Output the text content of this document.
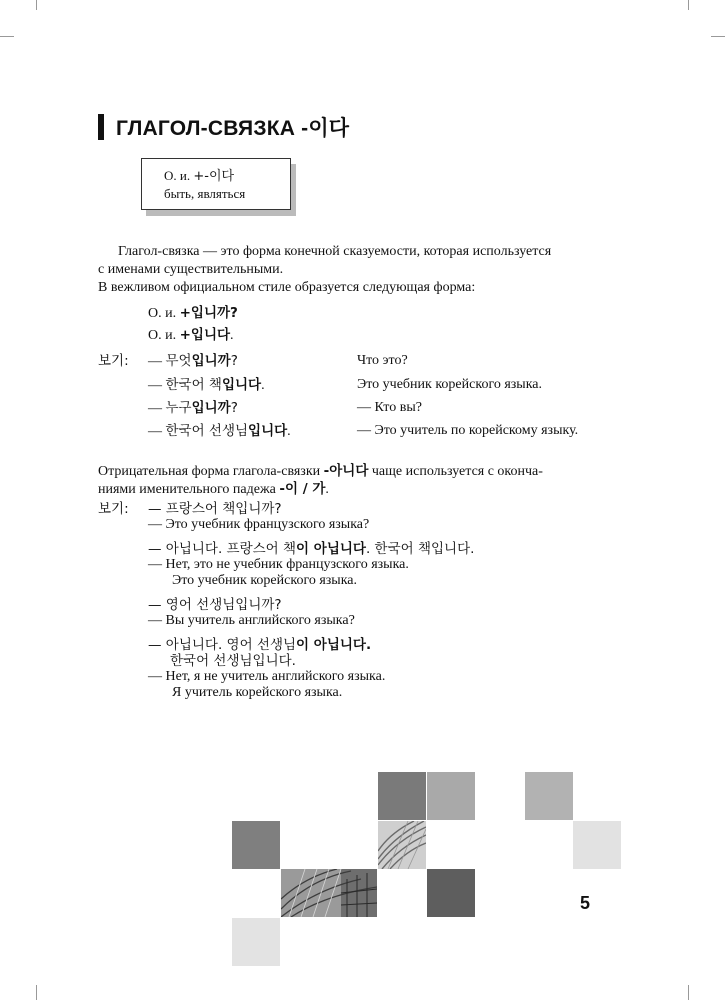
ГЛАГОЛ-СВЯЗКА -이다
О. и. +-이다
быть, являться
Глагол-связка — это форма конечной сказуемости, которая используется
с именами существительными.
В вежливом официальном стиле образуется следующая форма:
О. и. +입니까?
О. и. +입니다.
보기: — 무엇입니까?	Что это?
— 한국어 책입니다.	Это учебник корейского языка.
— 누구입니까?	— Кто вы?
— 한국어 선생님입니다.	— Это учитель по корейскому языку.
Отрицательная форма глагола-связки -아니다 чаще используется с оконча-
ниями именительного падежа -이 / 가.
보기: — 프랑스어 책입니까?
— Это учебник французского языка?
— 아닙니다. 프랑스어 책이 아닙니다. 한국어 책입니다.
— Нет, это не учебник французского языка.
Это учебник корейского языка.
— 영어 선생님입니까?
— Вы учитель английского языка?
— 아닙니다. 영어 선생님이 아닙니다.
한국어 선생님입니다.
— Нет, я не учитель английского языка.
Я учитель корейского языка.
5
